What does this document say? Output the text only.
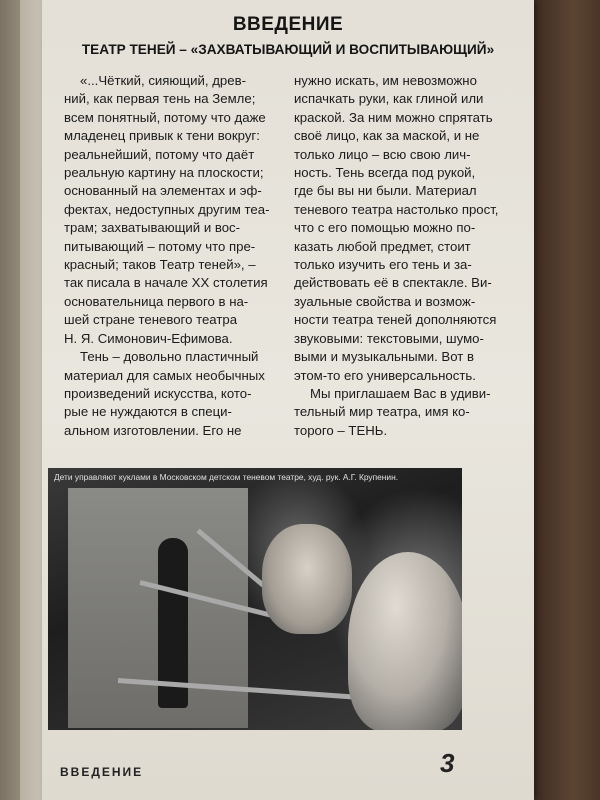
ВВЕДЕНИЕ
ТЕАТР ТЕНЕЙ – «ЗАХВАТЫВАЮЩИЙ И ВОСПИТЫВАЮЩИЙ»
«...Чёткий, сияющий, древ-
ний, как первая тень на Земле;
всем понятный, потому что даже
младенец привык к тени вокруг:
реальнейший, потому что даёт
реальную картину на плоскости;
основанный на элементах и эф-
фектах, недоступных другим теа-
трам; захватывающий и вос-
питывающий – потому что пре-
красный; таков Театр теней», –
так писала в начале XX столетия
основательница первого в на-
шей стране теневого театра
Н. Я. Симонович-Ефимова.
Тень – довольно пластичный
материал для самых необычных
произведений искусства, кото-
рые не нуждаются в специ-
альном изготовлении. Его не
нужно искать, им невозможно
испачкать руки, как глиной или
краской. За ним можно спрятать
своё лицо, как за маской, и не
только лицо – всю свою лич-
ность. Тень всегда под рукой,
где бы вы ни были. Материал
теневого театра настолько прост,
что с его помощью можно по-
казать любой предмет, стоит
только изучить его тень и за-
действовать её в спектакле. Ви-
зуальные свойства и возмож-
ности театра теней дополняются
звуковыми: текстовыми, шумо-
выми и музыкальными. Вот в
этом-то его универсальность.
Мы приглашаем Вас в удиви-
тельный мир театра, имя ко-
торого – ТЕНЬ.
Дети управляют куклами в Московском детском теневом театре, худ. рук. А.Г. Крупенин.
ВВЕДЕНИЕ	3
